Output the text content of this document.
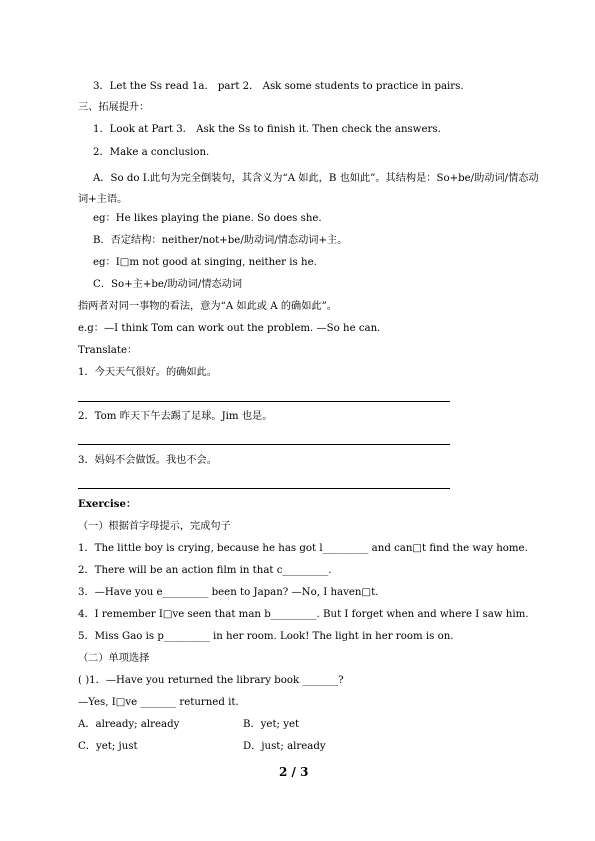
3．Let the Ss read 1a． part 2． Ask some students to practice in pairs.
三、拓展提升：
1．Look at Part 3． Ask the Ss to finish it. Then check the answers.
2．Make a conclusion.
A．So do I.此句为完全倒装句，其含义为“A 如此，B 也如此”。其结构是：So+be/助动词/情态动词+主语。
eg：He likes playing the piane. So does she.
B．否定结构：neither/not+be/助动词/情态动词+主。
eg：I□m not good at singing, neither is he.
C．So+主+be/助动词/情态动词
指两者对同一事物的看法，意为“A 如此或 A 的确如此”。
e.g：—I think Tom can work out the problem. —So he can.
Translate：
1．今天天气很好。的确如此。
2．Tom 昨天下午去踢了足球。Jim 也是。
3．妈妈不会做饭。我也不会。
Exercise：
（一）根据首字母提示，完成句子
1．The little boy is crying, because he has got l_________ and can□t find the way home.
2．There will be an action film in that c_________.
3．—Have you e_________ been to Japan? —No, I haven□t.
4．I remember I□ve seen that man b_________. But I forget when and where I saw him.
5．Miss Gao is p_________ in her room. Look! The light in her room is on.
（二）单项选择
( )1．—Have you returned the library book _______?
—Yes, I□ve _______ returned it.
A．already; already	B．yet; yet
C．yet; just	D．just; already
2 / 3
